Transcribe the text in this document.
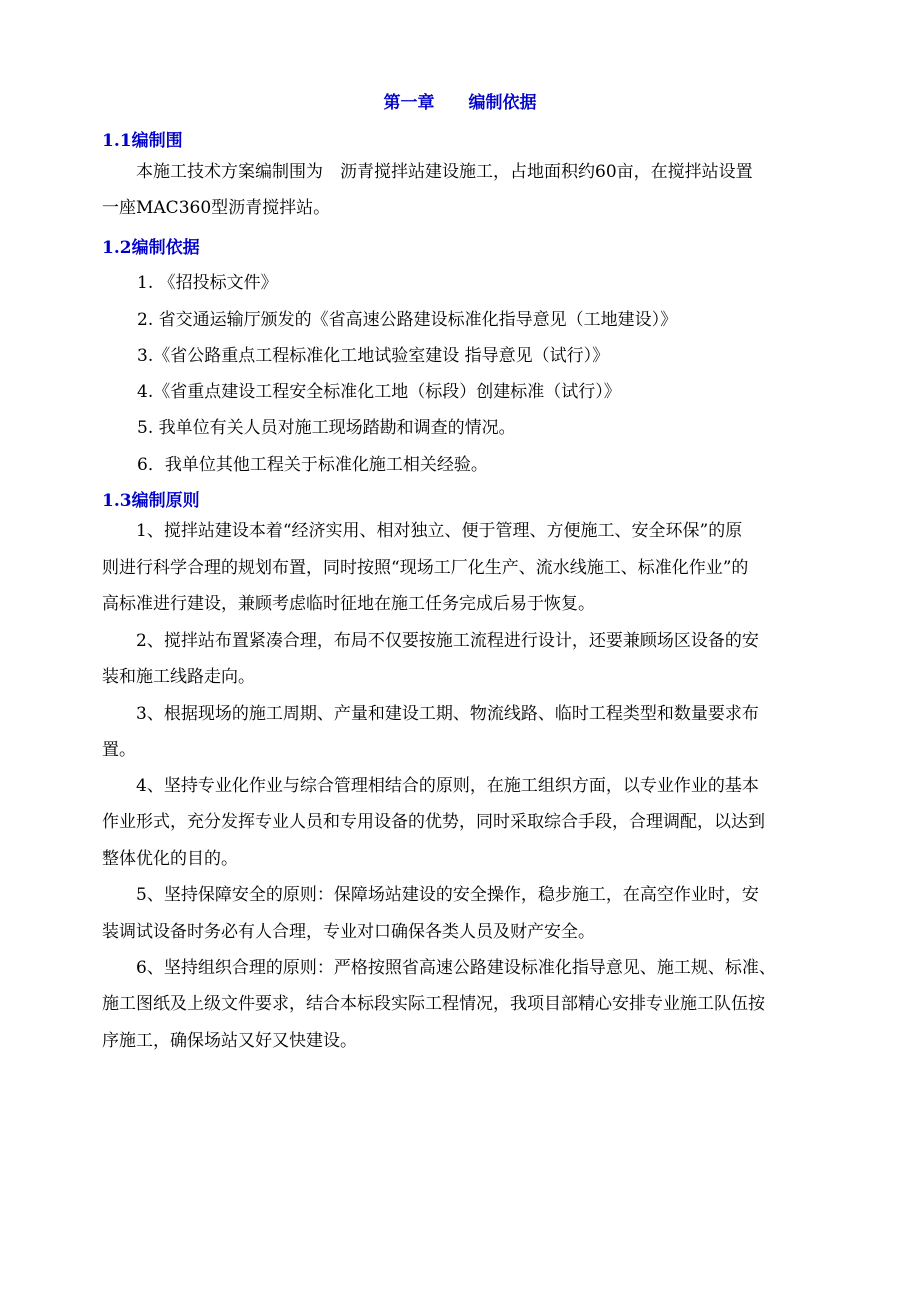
第一章　　编制依据
1.1编制围
本施工技术方案编制围为　沥青搅拌站建设施工，占地面积约60亩，在搅拌站设置
一座MAC360型沥青搅拌站。
1.2编制依据
1. 《招投标文件》
2. 省交通运输厅颁发的《省高速公路建设标准化指导意见（工地建设）》
3.《省公路重点工程标准化工地试验室建设 指导意见（试行）》
4.《省重点建设工程安全标准化工地（标段）创建标准（试行）》
5. 我单位有关人员对施工现场踏勘和调查的情况。
6．我单位其他工程关于标准化施工相关经验。
1.3编制原则
1、搅拌站建设本着“经济实用、相对独立、便于管理、方便施工、安全环保”的原
则进行科学合理的规划布置，同时按照“现场工厂化生产、流水线施工、标准化作业”的
高标准进行建设，兼顾考虑临时征地在施工任务完成后易于恢复。
2、搅拌站布置紧凑合理，布局不仅要按施工流程进行设计，还要兼顾场区设备的安
装和施工线路走向。
3、根据现场的施工周期、产量和建设工期、物流线路、临时工程类型和数量要求布
置。
4、坚持专业化作业与综合管理相结合的原则，在施工组织方面，以专业作业的基本
作业形式，充分发挥专业人员和专用设备的优势，同时采取综合手段，合理调配，以达到
整体优化的目的。
5、坚持保障安全的原则：保障场站建设的安全操作，稳步施工，在高空作业时，安
装调试设备时务必有人合理，专业对口确保各类人员及财产安全。
6、坚持组织合理的原则：严格按照省高速公路建设标准化指导意见、施工规、标准、
施工图纸及上级文件要求，结合本标段实际工程情况，我项目部精心安排专业施工队伍按
序施工，确保场站又好又快建设。
